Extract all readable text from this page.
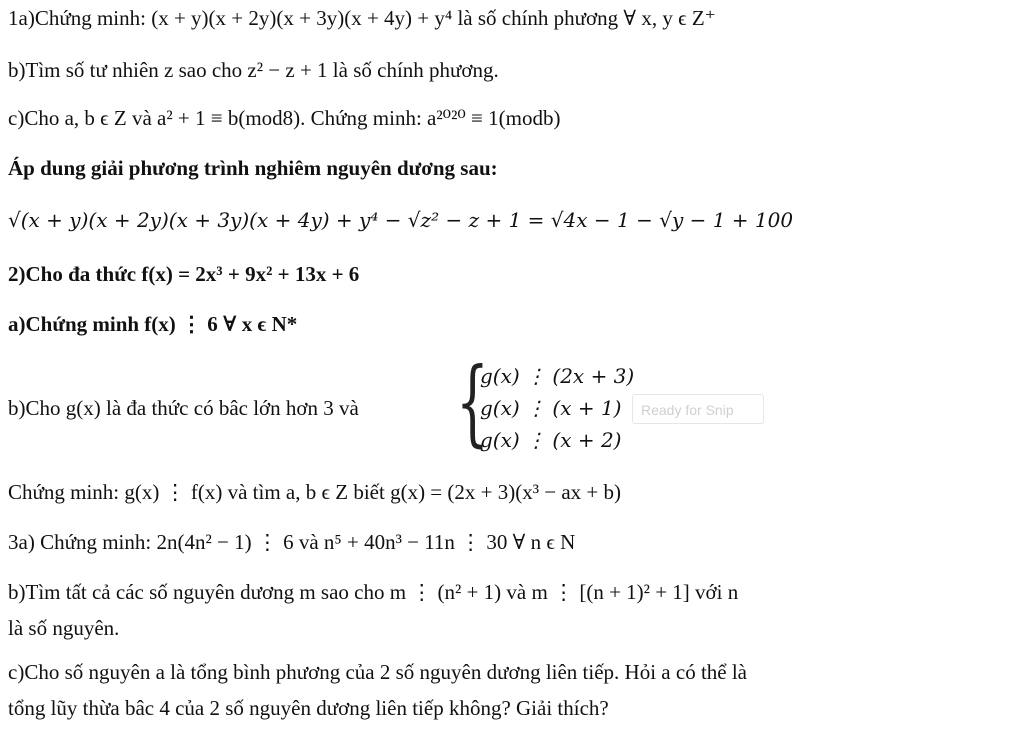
1a)Chứng minh: (x + y)(x + 2y)(x + 3y)(x + 4y) + y⁴ là số chính phương ∀ x, y ϵ Z⁺
b)Tìm số tư nhiên z sao cho z² − z + 1 là số chính phương.
c)Cho a, b ϵ Z và a² + 1 ≡ b(mod8). Chứng minh: a²⁰²⁰ ≡ 1(modb)
Áp dung giải phương trình nghiêm nguyên dương sau:
√(x + y)(x + 2y)(x + 3y)(x + 4y) + y⁴ − √z² − z + 1 = √4x − 1 − √y − 1 + 100
2)Cho đa thức f(x) = 2x³ + 9x² + 13x + 6
a)Chứng minh f(x) ⋮ 6 ∀ x ϵ N*
b)Cho g(x) là đa thức có bâc lớn hơn 3 và {
g(x) ⋮ (2x + 3)
g(x) ⋮ (x + 1)
g(x) ⋮ (x + 2)
Ready for Snip
Chứng minh: g(x) ⋮ f(x) và tìm a, b ϵ Z biết g(x) = (2x + 3)(x³ − ax + b)
3a) Chứng minh: 2n(4n² − 1) ⋮ 6 và n⁵ + 40n³ − 11n ⋮ 30 ∀ n ϵ N
b)Tìm tất cả các số nguyên dương m sao cho m ⋮ (n² + 1) và m ⋮ [(n + 1)² + 1] với n
là số nguyên.
c)Cho số nguyên a là tổng bình phương của 2 số nguyên dương liên tiếp. Hỏi a có thể là
tổng lũy thừa bâc 4 của 2 số nguyên dương liên tiếp không? Giải thích?
